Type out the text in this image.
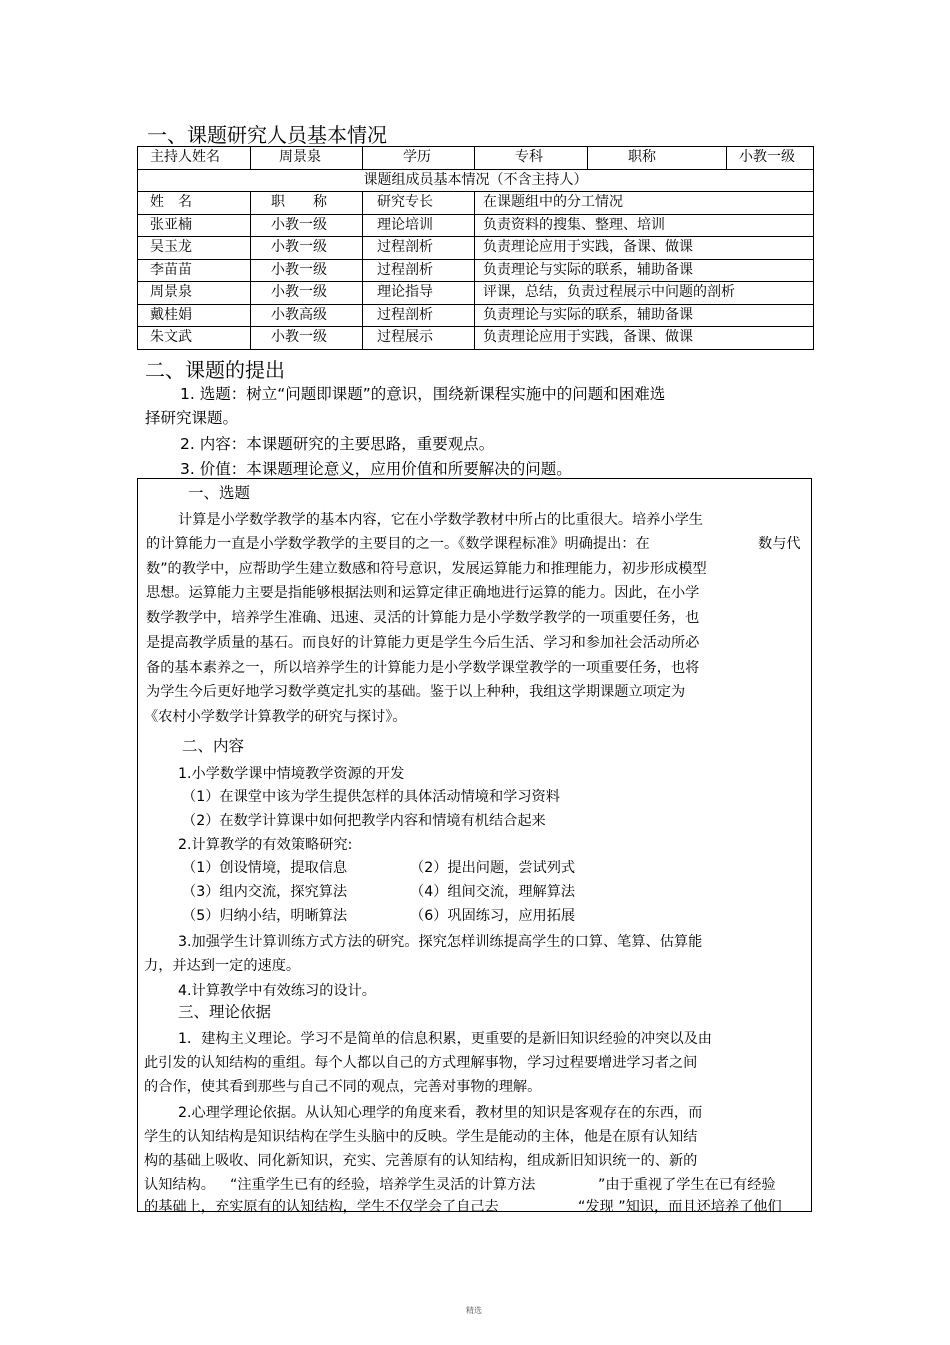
一、课题研究人员基本情况
主持人姓名	周景泉	学历	专科	职称	小教一级
课题组成员基本情况（不含主持人）					
姓　名	职　　称	研究专长	在课题组中的分工情况		
张亚楠	小教一级	理论培训	负责资料的搜集、整理、培训		
吴玉龙	小教一级	过程剖析	负责理论应用于实践，备课、做课		
李苗苗	小教一级	过程剖析	负责理论与实际的联系，辅助备课		
周景泉	小教一级	理论指导	评课，总结，负责过程展示中问题的剖析		
戴桂娟	小教高级	过程剖析	负责理论与实际的联系，辅助备课		
朱文武	小教一级	过程展示	负责理论应用于实践，备课、做课		
二、课题的提出
1. 选题：树立“问题即课题”的意识，围绕新课程实施中的问题和困难选
择研究课题。
2. 内容：本课题研究的主要思路，重要观点。
3. 价值：本课题理论意义，应用价值和所要解决的问题。
一、选题
计算是小学数学教学的基本内容，它在小学数学教材中所占的比重很大。培养小学生
的计算能力一直是小学数学教学的主要目的之一。《数学课程标准》明确提出：在	数与代
数”的教学中，应帮助学生建立数感和符号意识，发展运算能力和推理能力，初步形成模型
思想。运算能力主要是指能够根据法则和运算定律正确地进行运算的能力。因此，在小学
数学教学中，培养学生准确、迅速、灵活的计算能力是小学数学教学的一项重要任务，也
是提高教学质量的基石。而良好的计算能力更是学生今后生活、学习和参加社会活动所必
备的基本素养之一，所以培养学生的计算能力是小学数学课堂教学的一项重要任务，也将
为学生今后更好地学习数学奠定扎实的基础。鉴于以上种种，我组这学期课题立项定为
《农村小学数学计算教学的研究与探讨》。
二、内容
1.小学数学课中情境教学资源的开发
（1）在课堂中该为学生提供怎样的具体活动情境和学习资料
（2）在数学计算课中如何把教学内容和情境有机结合起来
2.计算教学的有效策略研究:
（1）创设情境，提取信息	（2）提出问题，尝试列式
（3）组内交流，探究算法	（4）组间交流，理解算法
（5）归纳小结，明晰算法	（6）巩固练习，应用拓展
3.加强学生计算训练方式方法的研究。探究怎样训练提高学生的口算、笔算、估算能
力，并达到一定的速度。
4.计算教学中有效练习的设计。
三、理论依据
1．建构主义理论。学习不是简单的信息积累，更重要的是新旧知识经验的冲突以及由
此引发的认知结构的重组。每个人都以自己的方式理解事物，学习过程要增进学习者之间
的合作，使其看到那些与自己不同的观点，完善对事物的理解。
2.心理学理论依据。从认知心理学的角度来看，教材里的知识是客观存在的东西，而
学生的认知结构是知识结构在学生头脑中的反映。学生是能动的主体，他是在原有认知结
构的基础上吸收、同化新知识，充实、完善原有的认知结构，组成新旧知识统一的、新的
认知结构。 “注重学生已有的经验，培养学生灵活的计算方法	”由于重视了学生在已有经验
的基础上，充实原有的认知结构，学生不仅学会了自己去	“发现 ”知识，而且还培养了他们
精选
